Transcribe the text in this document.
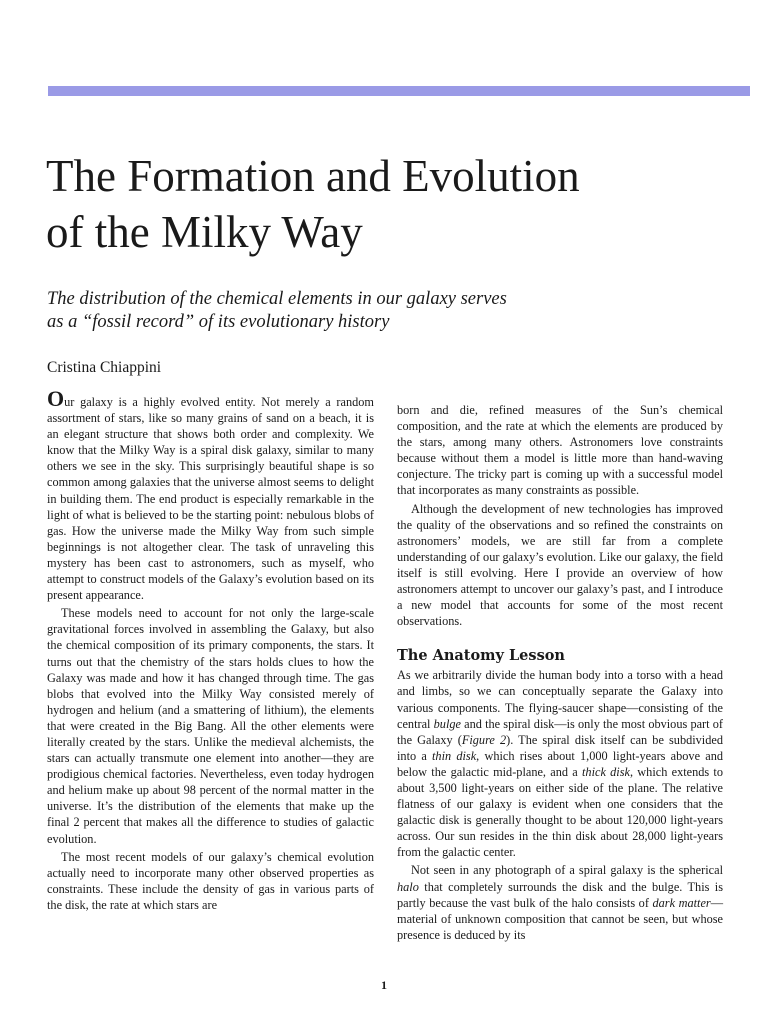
The Formation and Evolution
of the Milky Way
The distribution of the chemical elements in our galaxy serves
as a “fossil record” of its evolutionary history
Cristina Chiappini

Our galaxy is a highly evolved entity. Not merely a random assortment of stars, like so many grains of sand on a beach, it is an elegant structure that shows both order and complexity. We know that the Milky Way is a spiral disk galaxy, similar to many others we see in the sky. This surprisingly beautiful shape is so common among galaxies that the universe almost seems to delight in building them. The end product is especially remarkable in the light of what is believed to be the starting point: nebulous blobs of gas. How the universe made the Milky Way from such simple beginnings is not altogether clear. The task of unraveling this mystery has been cast to astronomers, such as myself, who attempt to construct models of the Galaxy’s evolution based on its present appearance.

These models need to account for not only the large-scale gravitational forces involved in assembling the Galaxy, but also the chemical composition of its primary components, the stars. It turns out that the chemistry of the stars holds clues to how the Galaxy was made and how it has changed through time. The gas blobs that evolved into the Milky Way consisted merely of hydrogen and helium (and a smattering of lithium), the elements that were created in the Big Bang. All the other elements were literally created by the stars. Unlike the medieval alchemists, the stars can actually transmute one element into another—they are prodigious chemical factories. Nevertheless, even today hydrogen and helium make up about 98 percent of the normal matter in the universe. It’s the distribution of the elements that make up the final 2 percent that makes all the difference to studies of galactic evolution.

The most recent models of our galaxy’s chemical evolution actually need to incorporate many other observed properties as constraints. These include the density of gas in various parts of the disk, the rate at which stars are

born and die, refined measures of the Sun’s chemical composition, and the rate at which the elements are produced by the stars, among many others. Astronomers love constraints because without them a model is little more than hand-waving conjecture. The tricky part is coming up with a successful model that incorporates as many constraints as possible.

Although the development of new technologies has improved the quality of the observations and so refined the constraints on astronomers’ models, we are still far from a complete understanding of our galaxy’s evolution. Like our galaxy, the field itself is still evolving. Here I provide an overview of how astronomers attempt to uncover our galaxy’s past, and I introduce a new model that accounts for some of the most recent observations.

The Anatomy Lesson

As we arbitrarily divide the human body into a torso with a head and limbs, so we can conceptually separate the Galaxy into various components. The flying-saucer shape—consisting of the central bulge and the spiral disk—is only the most obvious part of the Galaxy (Figure 2). The spiral disk itself can be subdivided into a thin disk, which rises about 1,000 light-years above and below the galactic mid-plane, and a thick disk, which extends to about 3,500 light-years on either side of the plane. The relative flatness of our galaxy is evident when one considers that the galactic disk is generally thought to be about 120,000 light-years across. Our sun resides in the thin disk about 28,000 light-years from the galactic center.

Not seen in any photograph of a spiral galaxy is the spherical halo that completely surrounds the disk and the bulge. This is partly because the vast bulk of the halo consists of dark matter—material of unknown composition that cannot be seen, but whose presence is deduced by its

1
